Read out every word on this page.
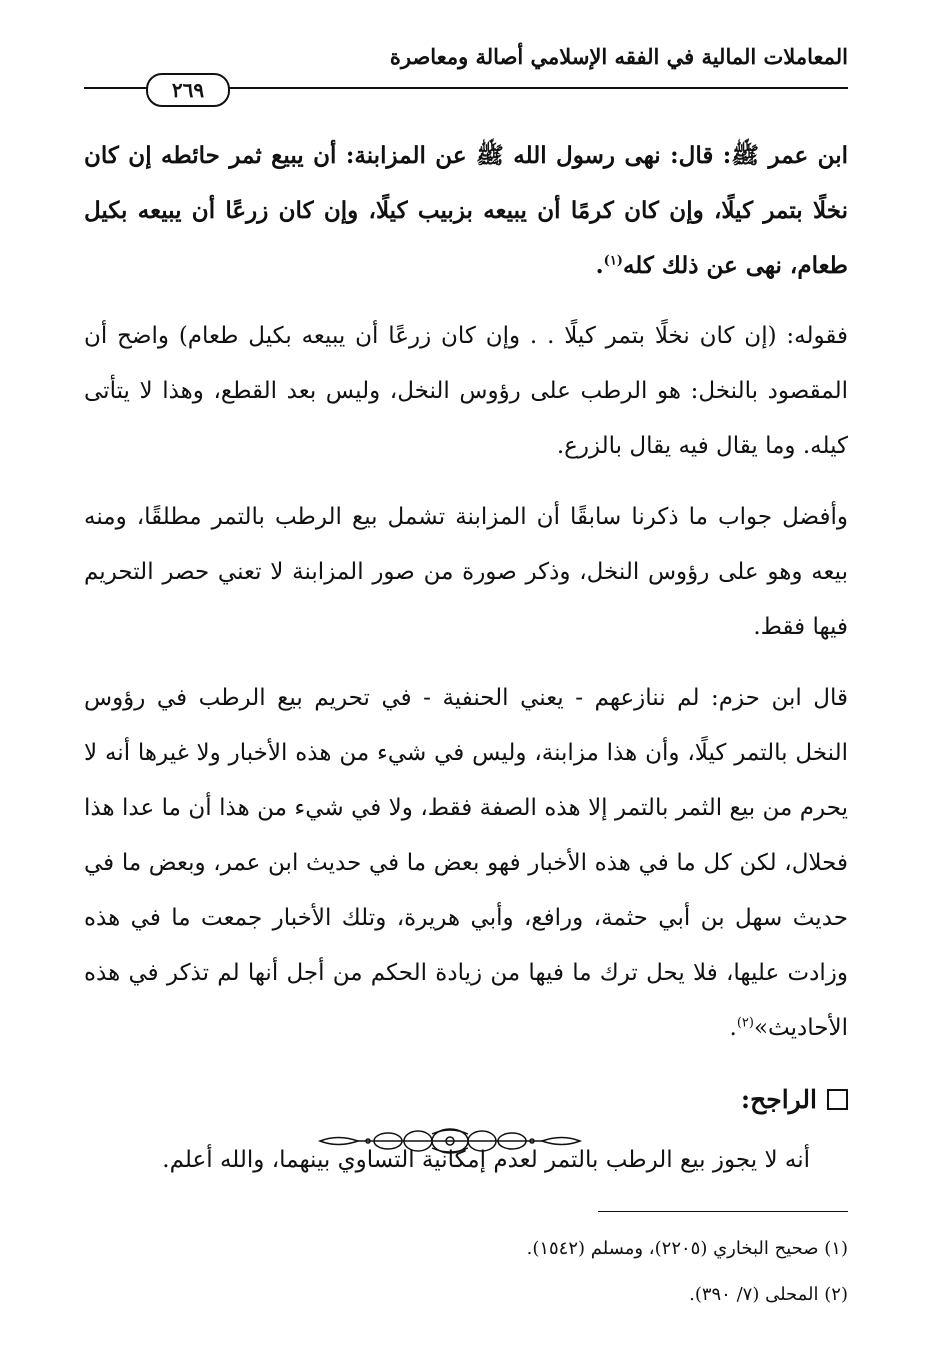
المعاملات المالية في الفقه الإسلامي أصالة ومعاصرة
٢٦٩

ابن عمر ﷺ: قال: نهى رسول الله ﷺ عن المزابنة: أن يبيع ثمر حائطه إن كان نخلًا بتمر كيلًا، وإن كان كرمًا أن يبيعه بزبيب كيلًا، وإن كان زرعًا أن يبيعه بكيل طعام، نهى عن ذلك كله$^{(١)}$.

فقوله: (إن كان نخلًا بتمر كيلًا . . وإن كان زرعًا أن يبيعه بكيل طعام) واضح أن المقصود بالنخل: هو الرطب على رؤوس النخل، وليس بعد القطع، وهذا لا يتأتى كيله. وما يقال فيه يقال بالزرع.

وأفضل جواب ما ذكرنا سابقًا أن المزابنة تشمل بيع الرطب بالتمر مطلقًا، ومنه بيعه وهو على رؤوس النخل، وذكر صورة من صور المزابنة لا تعني حصر التحريم فيها فقط.

قال ابن حزم: لم ننازعهم - يعني الحنفية - في تحريم بيع الرطب في رؤوس النخل بالتمر كيلًا، وأن هذا مزابنة، وليس في شيء من هذه الأخبار ولا غيرها أنه لا يحرم من بيع الثمر بالتمر إلا هذه الصفة فقط، ولا في شيء من هذا أن ما عدا هذا فحلال، لكن كل ما في هذه الأخبار فهو بعض ما في حديث ابن عمر، وبعض ما في حديث سهل بن أبي حثمة، ورافع، وأبي هريرة، وتلك الأخبار جمعت ما في هذه وزادت عليها، فلا يحل ترك ما فيها من زيادة الحكم من أجل أنها لم تذكر في هذه الأحاديث»$^{(٢)}$.

الراجح:

أنه لا يجوز بيع الرطب بالتمر لعدم إمكانية التساوي بينهما، والله أعلم.

(١) صحيح البخاري (٢٢٠٥)، ومسلم (١٥٤٢).

(٢) المحلى (٧/ ٣٩٠).
